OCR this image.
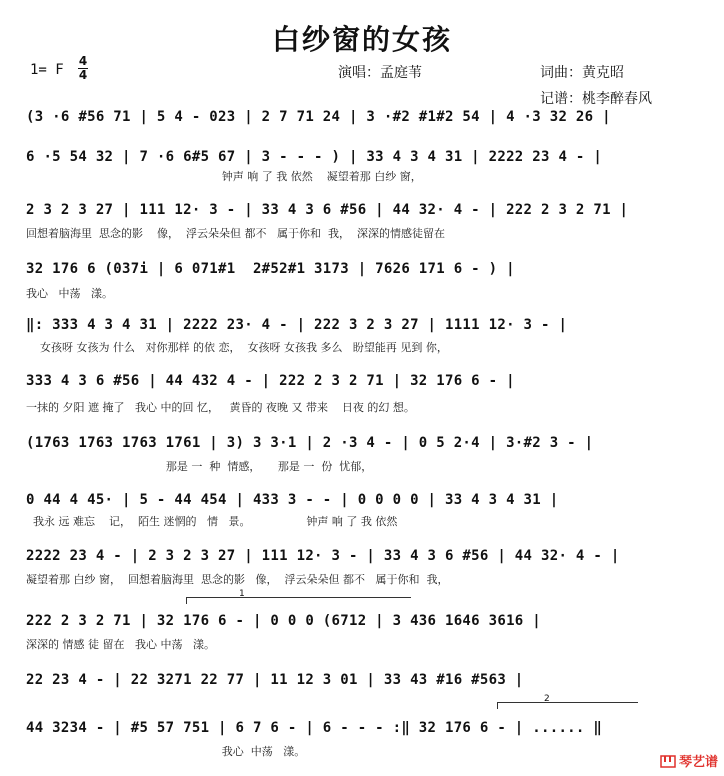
白纱窗的女孩
1= F
4
4	演唱：孟庭苇	词曲：黄克昭
记谱：桃李醉春风
(3 ·6 #56 71 | 5 4 - 023 | 2 7 71 24 | 3 ·#2 #1#2 54 | 4 ·3 32 26 |
6 ·5 54 32 | 7 ·6 6#5 67 | 3 - - - ) | 33 4 3 4 31 | 2222 23 4 - |
钟声 响 了 我 依然    凝望着那 白纱 窗，
2 3 2 3 27 | 111 12· 3 - | 33 4 3 6 #56 | 44 32· 4 - | 222 2 3 2 71 |
回想着脑海里  思念的影    像，  浮云朵朵但 都不   属于你和  我，  深深的情感徒留在
32 176 6 (037i | 6 071#1  2#52#1 3173 | 7626 171 6 - ) |
我心   中荡   漾。
‖: 333 4 3 4 31 | 2222 23· 4 - | 222 3 2 3 27 | 1111 12· 3 - |
女孩呀 女孩为 什么   对你那样 的依 恋，  女孩呀 女孩我 多么   盼望能再 见到 你，
333 4 3 6 #56 | 44 432 4 - | 222 2 3 2 71 | 32 176 6 - |
一抹的 夕阳 遮 掩了   我心 中的回 忆，   黄昏的 夜晚 又 带来    日夜 的幻 想。
(1763 1763 1763 1761 | 3) 3 3·1 | 2 ·3 4 - | 0 5 2·4 | 3·#2 3 - |
那是 一  种  情感，     那是 一  份  忧郁，
0 44 4 45· | 5 - 44 454 | 433 3 - - | 0 0 0 0 | 33 4 3 4 31 |
我永 远 难忘    记，  陌生 迷惘的   情   景。                钟声 响 了 我 依然
2222 23 4 - | 2 3 2 3 27 | 111 12· 3 - | 33 4 3 6 #56 | 44 32· 4 - |
凝望着那 白纱 窗，  回想着脑海里  思念的影   像，  浮云朵朵但 都不   属于你和  我，
1
222 2 3 2 71 | 32 176 6 - | 0 0 0 (6712 | 3 436 1646 3616 |
深深的 情感 徒 留在   我心 中荡   漾。
22 23 4 - | 22 3271 22 77 | 11 12 3 01 | 33 43 #16 #563 |
2
44 3234 - | #5 57 751 | 6 7 6 - | 6 - - - :‖ 32 176 6 - | ...... ‖
我心  中荡   漾。
琴艺谱
